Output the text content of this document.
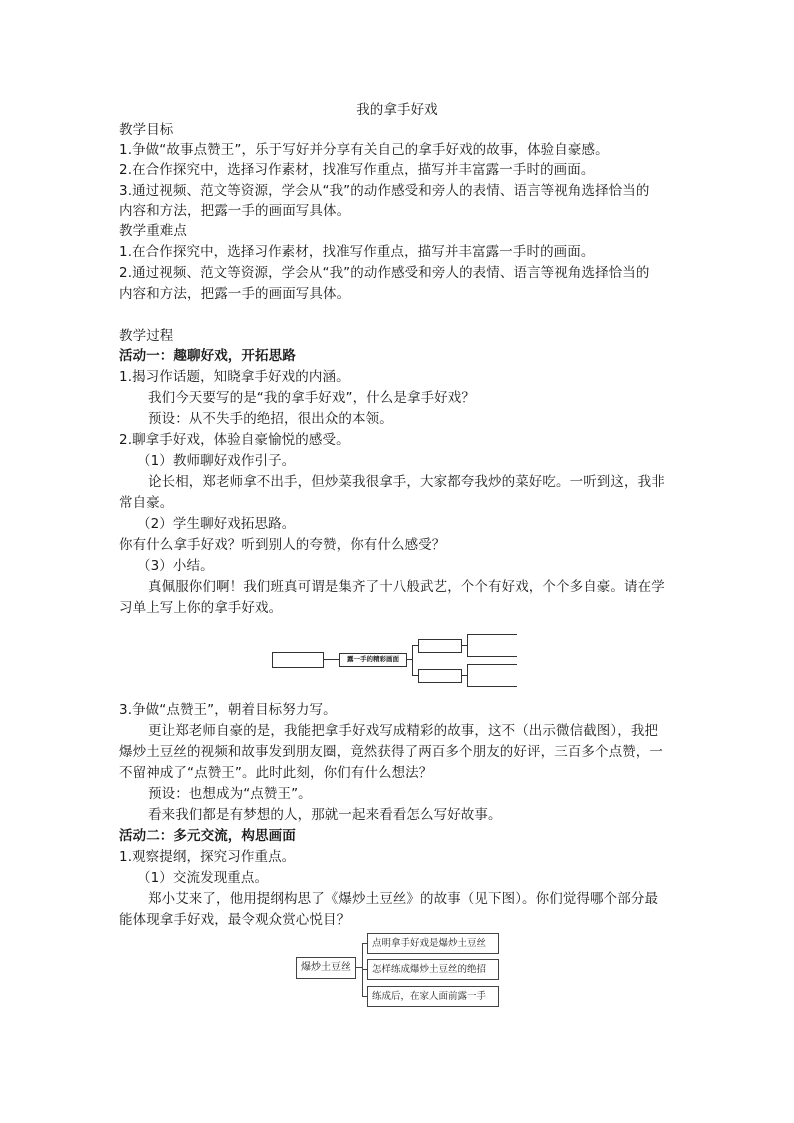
我的拿手好戏
教学目标
1.争做“故事点赞王”，乐于写好并分享有关自己的拿手好戏的故事，体验自豪感。
2.在合作探究中，选择习作素材，找准写作重点，描写并丰富露一手时的画面。
3.通过视频、范文等资源，学会从“我”的动作感受和旁人的表情、语言等视角选择恰当的
内容和方法，把露一手的画面写具体。
教学重难点
1.在合作探究中，选择习作素材，找准写作重点，描写并丰富露一手时的画面。
2.通过视频、范文等资源，学会从“我”的动作感受和旁人的表情、语言等视角选择恰当的
内容和方法，把露一手的画面写具体。
教学过程
活动一：趣聊好戏，开拓思路
1.揭习作话题，知晓拿手好戏的内涵。
我们今天要写的是“我的拿手好戏”，什么是拿手好戏？
预设：从不失手的绝招，很出众的本领。
2.聊拿手好戏，体验自豪愉悦的感受。
（1）教师聊好戏作引子。
论长相，郑老师拿不出手，但炒菜我很拿手，大家都夸我炒的菜好吃。一听到这，我非
常自豪。
（2）学生聊好戏拓思路。
你有什么拿手好戏？听到别人的夸赞，你有什么感受？
（3）小结。
真佩服你们啊！我们班真可谓是集齐了十八般武艺，个个有好戏，个个多自豪。请在学
习单上写上你的拿手好戏。
露一手的精彩画面
3.争做“点赞王”，朝着目标努力写。
更让郑老师自豪的是，我能把拿手好戏写成精彩的故事，这不（出示微信截图），我把
爆炒土豆丝的视频和故事发到朋友圈，竟然获得了两百多个朋友的好评，三百多个点赞，一
不留神成了“点赞王”。此时此刻，你们有什么想法？
预设：也想成为“点赞王”。
看来我们都是有梦想的人，那就一起来看看怎么写好故事。
活动二：多元交流，构思画面
1.观察提纲，探究习作重点。
（1）交流发现重点。
郑小艾来了，他用提纲构思了《爆炒土豆丝》的故事（见下图）。你们觉得哪个部分最
能体现拿手好戏，最令观众赏心悦目？
爆炒土豆丝
点明拿手好戏是爆炒土豆丝
怎样练成爆炒土豆丝的绝招
练成后，在家人面前露一手
